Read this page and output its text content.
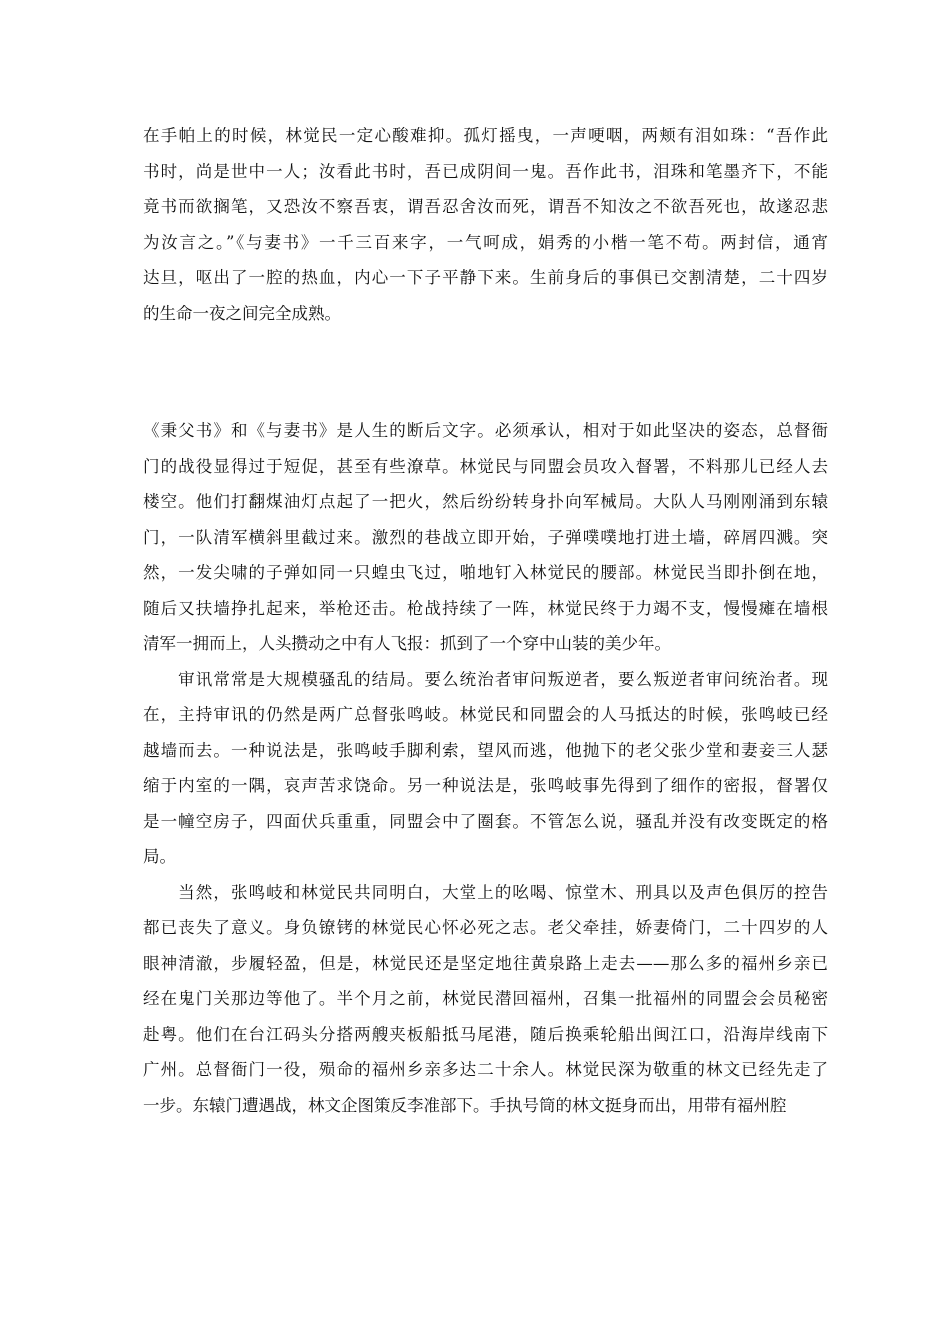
在手帕上的时候，林觉民一定心酸难抑。孤灯摇曳，一声哽咽，两颊有泪如珠：“吾作此
书时，尚是世中一人；汝看此书时，吾已成阴间一鬼。吾作此书，泪珠和笔墨齐下，不能
竟书而欲搁笔，又恐汝不察吾衷，谓吾忍舍汝而死，谓吾不知汝之不欲吾死也，故遂忍悲
为汝言之。”《与妻书》一千三百来字，一气呵成，娟秀的小楷一笔不苟。两封信，通宵
达旦，呕出了一腔的热血，内心一下子平静下来。生前身后的事俱已交割清楚，二十四岁
的生命一夜之间完全成熟。
《秉父书》和《与妻书》是人生的断后文字。必须承认，相对于如此坚决的姿态，总督衙
门的战役显得过于短促，甚至有些潦草。林觉民与同盟会员攻入督署，不料那儿已经人去
楼空。他们打翻煤油灯点起了一把火，然后纷纷转身扑向军械局。大队人马刚刚涌到东辕
门，一队清军横斜里截过来。激烈的巷战立即开始，子弹噗噗地打进土墙，碎屑四溅。突
然，一发尖啸的子弹如同一只蝗虫飞过，啪地钉入林觉民的腰部。林觉民当即扑倒在地，
随后又扶墙挣扎起来，举枪还击。枪战持续了一阵，林觉民终于力竭不支，慢慢瘫在墙根
清军一拥而上，人头攒动之中有人飞报：抓到了一个穿中山装的美少年。
　　审讯常常是大规模骚乱的结局。要么统治者审问叛逆者，要么叛逆者审问统治者。现
在，主持审讯的仍然是两广总督张鸣岐。林觉民和同盟会的人马抵达的时候，张鸣岐已经
越墙而去。一种说法是，张鸣岐手脚利索，望风而逃，他抛下的老父张少堂和妻妾三人瑟
缩于内室的一隅，哀声苦求饶命。另一种说法是，张鸣岐事先得到了细作的密报，督署仅
是一幢空房子，四面伏兵重重，同盟会中了圈套。不管怎么说，骚乱并没有改变既定的格
局。
　　当然，张鸣岐和林觉民共同明白，大堂上的吆喝、惊堂木、刑具以及声色俱厉的控告
都已丧失了意义。身负镣铐的林觉民心怀必死之志。老父牵挂，娇妻倚门，二十四岁的人
眼神清澈，步履轻盈，但是，林觉民还是坚定地往黄泉路上走去——那么多的福州乡亲已
经在鬼门关那边等他了。半个月之前，林觉民潜回福州，召集一批福州的同盟会会员秘密
赴粤。他们在台江码头分搭两艘夹板船抵马尾港，随后换乘轮船出闽江口，沿海岸线南下
广州。总督衙门一役，殒命的福州乡亲多达二十余人。林觉民深为敬重的林文已经先走了
一步。东辕门遭遇战，林文企图策反李准部下。手执号筒的林文挺身而出，用带有福州腔
